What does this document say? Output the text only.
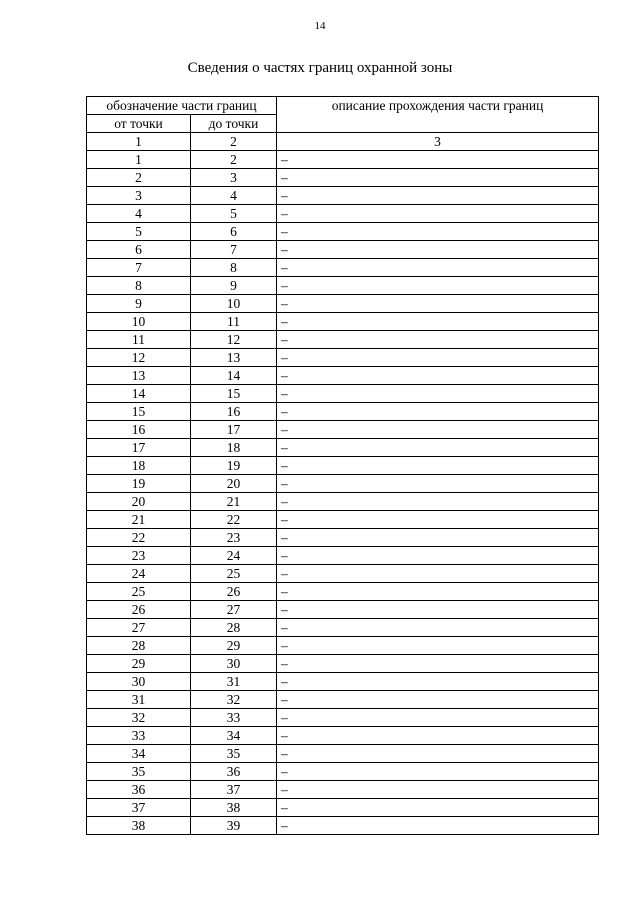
14
Сведения о частях границ охранной зоны
обозначение части границ		описание прохождения части границ
от точки	до точки	
1	2	3
1	2	–
2	3	–
3	4	–
4	5	–
5	6	–
6	7	–
7	8	–
8	9	–
9	10	–
10	11	–
11	12	–
12	13	–
13	14	–
14	15	–
15	16	–
16	17	–
17	18	–
18	19	–
19	20	–
20	21	–
21	22	–
22	23	–
23	24	–
24	25	–
25	26	–
26	27	–
27	28	–
28	29	–
29	30	–
30	31	–
31	32	–
32	33	–
33	34	–
34	35	–
35	36	–
36	37	–
37	38	–
38	39	–
